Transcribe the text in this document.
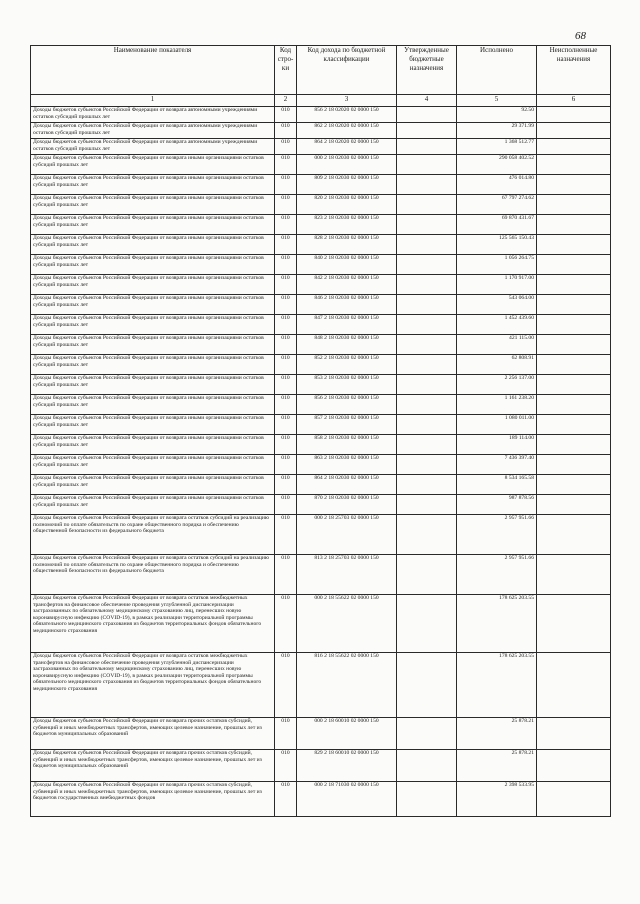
68
Наименование показателя	Код стро-ки	Код дохода по бюджетной классификации	Утвержденные бюджетные назначения	Исполнено	Неисполненные назначения
1	2	3	4	5	6
Доходы бюджетов субъектов Российской Федерации от возврата автономными учреждениями остатков субсидий прошлых лет	010	856 2 18 02020 02 0000 150		92.50	
Доходы бюджетов субъектов Российской Федерации от возврата автономными учреждениями остатков субсидий прошлых лет	010	862 2 18 02020 02 0000 150		29 371.99	
Доходы бюджетов субъектов Российской Федерации от возврата автономными учреждениями остатков субсидий прошлых лет	010	864 2 18 02020 02 0000 150		1 368 512.77	
Доходы бюджетов субъектов Российской Федерации от возврата иными организациями остатков субсидий прошлых лет	010	000 2 18 02030 02 0000 150		290 058 402.52	
Доходы бюджетов субъектов Российской Федерации от возврата иными организациями остатков субсидий прошлых лет	010	809 2 18 02030 02 0000 150		476 014.80	
Доходы бюджетов субъектов Российской Федерации от возврата иными организациями остатков субсидий прошлых лет	010	820 2 18 02030 02 0000 150		67 797 274.62	
Доходы бюджетов субъектов Российской Федерации от возврата иными организациями остатков субсидий прошлых лет	010	823 2 18 02030 02 0000 150		69 870 431.67	
Доходы бюджетов субъектов Российской Федерации от возврата иными организациями остатков субсидий прошлых лет	010	828 2 18 02030 02 0000 150		125 565 150.43	
Доходы бюджетов субъектов Российской Федерации от возврата иными организациями остатков субсидий прошлых лет	010	840 2 18 02030 02 0000 150		1 056 264.75	
Доходы бюджетов субъектов Российской Федерации от возврата иными организациями остатков субсидий прошлых лет	010	842 2 18 02030 02 0000 150		1 170 917.00	
Доходы бюджетов субъектов Российской Федерации от возврата иными организациями остатков субсидий прошлых лет	010	846 2 18 02030 02 0000 150		543 064.00	
Доходы бюджетов субъектов Российской Федерации от возврата иными организациями остатков субсидий прошлых лет	010	847 2 18 02030 02 0000 150		1 452 439.60	
Доходы бюджетов субъектов Российской Федерации от возврата иными организациями остатков субсидий прошлых лет	010	848 2 18 02030 02 0000 150		421 115.00	
Доходы бюджетов субъектов Российской Федерации от возврата иными организациями остатков субсидий прошлых лет	010	852 2 18 02030 02 0000 150		62 808.91	
Доходы бюджетов субъектов Российской Федерации от возврата иными организациями остатков субсидий прошлых лет	010	853 2 18 02030 02 0000 150		2 256 137.00	
Доходы бюджетов субъектов Российской Федерации от возврата иными организациями остатков субсидий прошлых лет	010	856 2 18 02030 02 0000 150		1 161 238.20	
Доходы бюджетов субъектов Российской Федерации от возврата иными организациями остатков субсидий прошлых лет	010	857 2 18 02030 02 0000 150		1 080 011.00	
Доходы бюджетов субъектов Российской Федерации от возврата иными организациями остатков субсидий прошлых лет	010	858 2 18 02030 02 0000 150		189 114.00	
Доходы бюджетов субъектов Российской Федерации от возврата иными организациями остатков субсидий прошлых лет	010	863 2 18 02030 02 0000 150		7 436 397.40	
Доходы бюджетов субъектов Российской Федерации от возврата иными организациями остатков субсидий прошлых лет	010	864 2 18 02030 02 0000 150		8 534 165.58	
Доходы бюджетов субъектов Российской Федерации от возврата иными организациями остатков субсидий прошлых лет	010	870 2 18 02030 02 0000 150		987 878.56	
Доходы бюджетов субъектов Российской Федерации от возврата остатков субсидий на реализацию полномочий по оплате обязательств по охране общественного порядка и обеспечению общественной безопасности из федерального бюджета	010	000 2 18 25703 02 0000 150		2 957 951.66	
Доходы бюджетов субъектов Российской Федерации от возврата остатков субсидий на реализацию полномочий по оплате обязательств по охране общественного порядка и обеспечению общественной безопасности из федерального бюджета	010	813 2 18 25703 02 0000 150		2 957 951.66	
Доходы бюджетов субъектов Российской Федерации от возврата остатков межбюджетных трансфертов на финансовое обеспечение проведения углубленной диспансеризации застрахованных по обязательному медицинскому страхованию лиц, перенесших новую коронавирусную инфекцию (COVID-19), в рамках реализации территориальной программы обязательного медицинского страхования из бюджетов территориальных фондов обязательного медицинского страхования	010	000 2 18 55622 02 0000 150		178 625 203.55	
Доходы бюджетов субъектов Российской Федерации от возврата остатков межбюджетных трансфертов на финансовое обеспечение проведения углубленной диспансеризации застрахованных по обязательному медицинскому страхованию лиц, перенесших новую коронавирусную инфекцию (COVID-19), в рамках реализации территориальной программы обязательного медицинского страхования из бюджетов территориальных фондов обязательного медицинского страхования	010	816 2 18 55622 02 0000 150		178 625 203.55	
Доходы бюджетов субъектов Российской Федерации от возврата прочих остатков субсидий, субвенций и иных межбюджетных трансфертов, имеющих целевое назначение, прошлых лет из бюджетов муниципальных образований	010	000 2 18 60010 02 0000 150		25 878.21	
Доходы бюджетов субъектов Российской Федерации от возврата прочих остатков субсидий, субвенций и иных межбюджетных трансфертов, имеющих целевое назначение, прошлых лет из бюджетов муниципальных образований	010	829 2 18 60010 02 0000 150		25 878.21	
Доходы бюджетов субъектов Российской Федерации от возврата прочих остатков субсидий, субвенций и иных межбюджетных трансфертов, имеющих целевое назначение, прошлых лет из бюджетов государственных внебюджетных фондов	010	000 2 18 71030 02 0000 150		2 398 533.95	
